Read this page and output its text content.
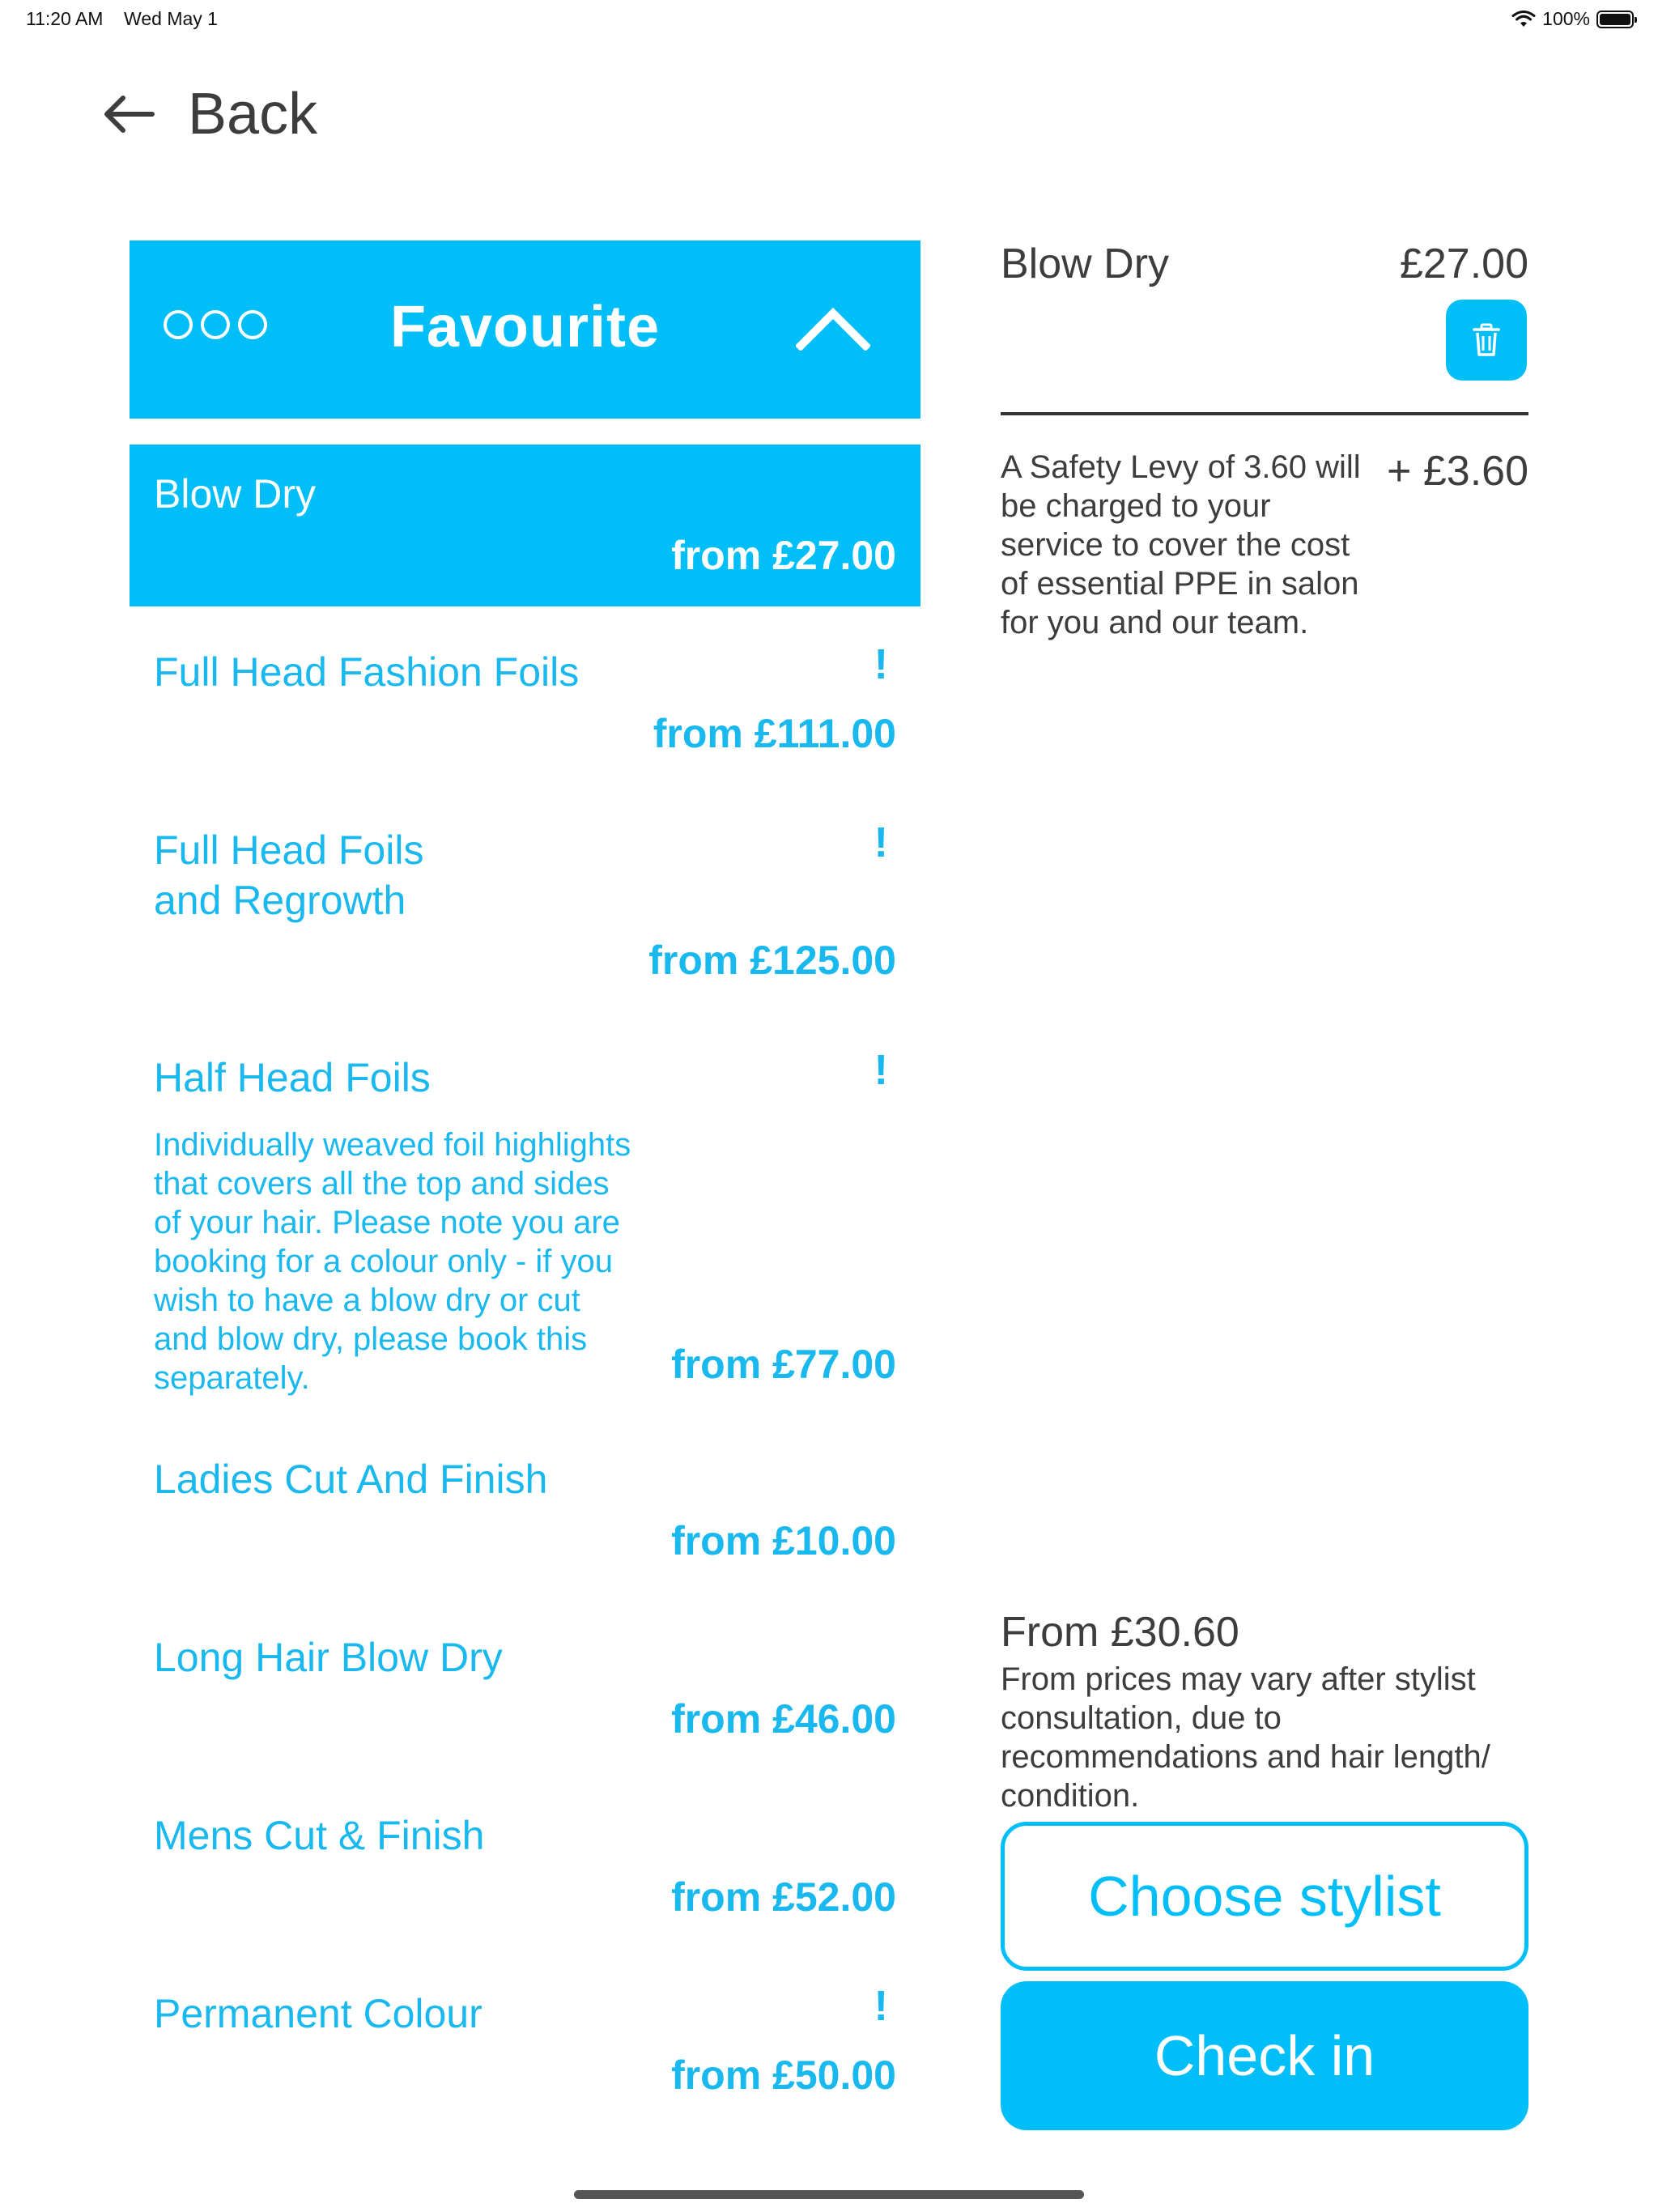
11:20 AM Wed May 1	100%
Back
Favourite
Blow Dry
from £27.00
Full Head Fashion Foils	!
from £111.00
Full Head Foils
and Regrowth
!
from £125.00
Half Head Foils	!
Individually weaved foil highlights that covers all the top and sides of your hair. Please note you are booking for a colour only - if you wish to have a blow dry or cut and blow dry, please book this separately.	from £77.00
Ladies Cut And Finish
from £10.00
Long Hair Blow Dry
from £46.00
Mens Cut & Finish
from £52.00
Permanent Colour	!
from £50.00
Blow Dry	£27.00
A Safety Levy of 3.60 will be charged to your service to cover the cost of essential PPE in salon for you and our team.
+ £3.60
From £30.60
From prices may vary after stylist consultation, due to recommendations and hair length/ condition.
Choose stylist
Check in
